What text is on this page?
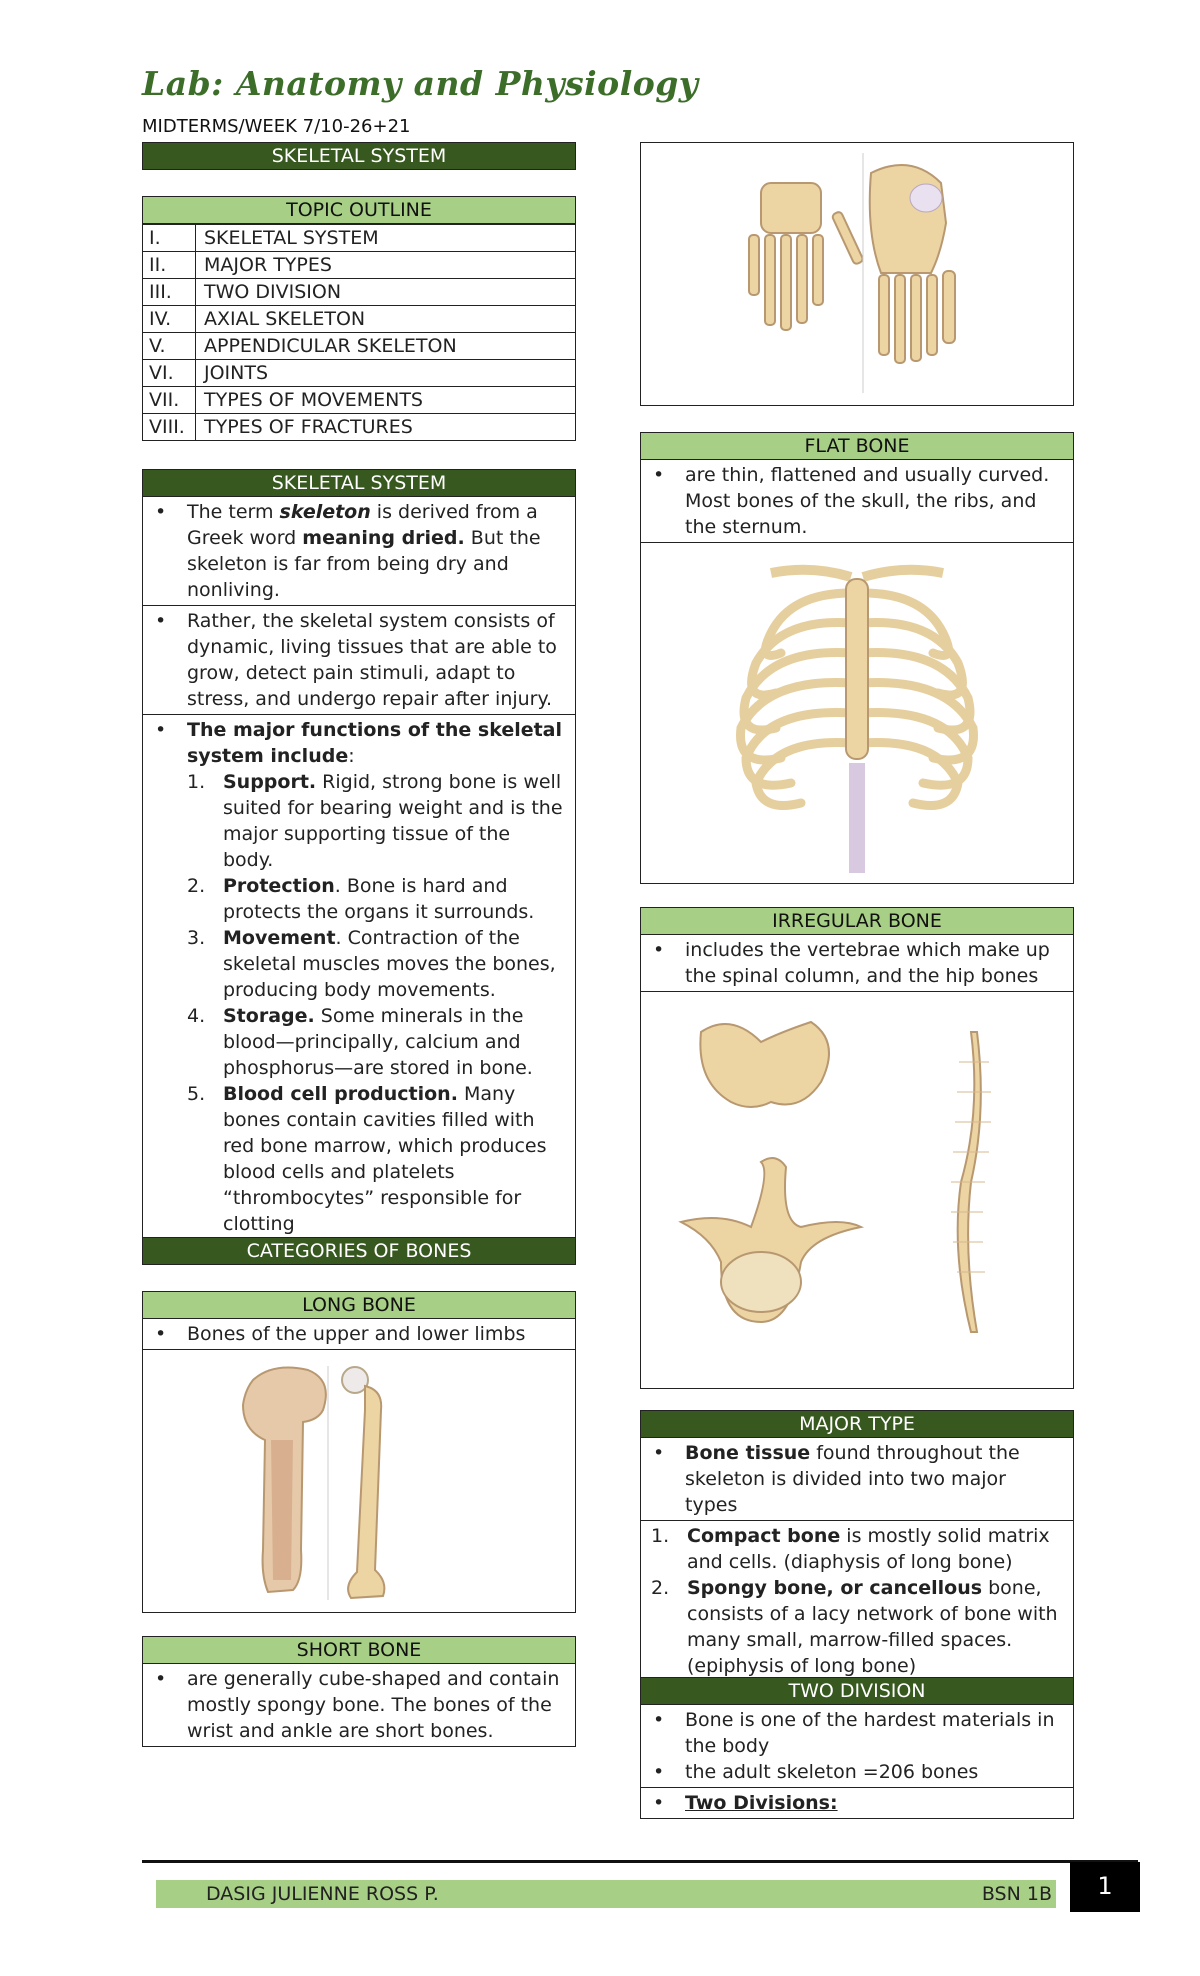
Lab: Anatomy and Physiology
MIDTERMS/WEEK 7/10-26+21
SKELETAL SYSTEM
TOPIC OUTLINE
I.	SKELETAL SYSTEM
II.	MAJOR TYPES
III.	TWO DIVISION
IV.	AXIAL SKELETON
V.	APPENDICULAR SKELETON
VI.	JOINTS
VII.	TYPES OF MOVEMENTS
VIII.	TYPES OF FRACTURES
SKELETAL SYSTEM
• The term skeleton is derived from a Greek word meaning dried. But the skeleton is far from being dry and nonliving.
• Rather, the skeletal system consists of dynamic, living tissues that are able to grow, detect pain stimuli, adapt to stress, and undergo repair after injury.
• The major functions of the skeletal system include:
1. Support. Rigid, strong bone is well suited for bearing weight and is the major supporting tissue of the body.
2. Protection. Bone is hard and protects the organs it surrounds.
3. Movement. Contraction of the skeletal muscles moves the bones, producing body movements.
4. Storage. Some minerals in the blood—principally, calcium and phosphorus—are stored in bone.
5. Blood cell production. Many bones contain cavities filled with red bone marrow, which produces blood cells and platelets “thrombocytes” responsible for clotting
CATEGORIES OF BONES
LONG BONE
• Bones of the upper and lower limbs
SHORT BONE
• are generally cube-shaped and contain mostly spongy bone. The bones of the wrist and ankle are short bones.
FLAT BONE
• are thin, flattened and usually curved. Most bones of the skull, the ribs, and the sternum.
IRREGULAR BONE
• includes the vertebrae which make up the spinal column, and the hip bones
MAJOR TYPE
• Bone tissue found throughout the skeleton is divided into two major types
1. Compact bone is mostly solid matrix and cells. (diaphysis of long bone)
2. Spongy bone, or cancellous bone, consists of a lacy network of bone with many small, marrow-filled spaces. (epiphysis of long bone)
TWO DIVISION
• Bone is one of the hardest materials in the body
• the adult skeleton =206 bones
• Two Divisions:
DASIG JULIENNE ROSS P.	BSN 1B	1
